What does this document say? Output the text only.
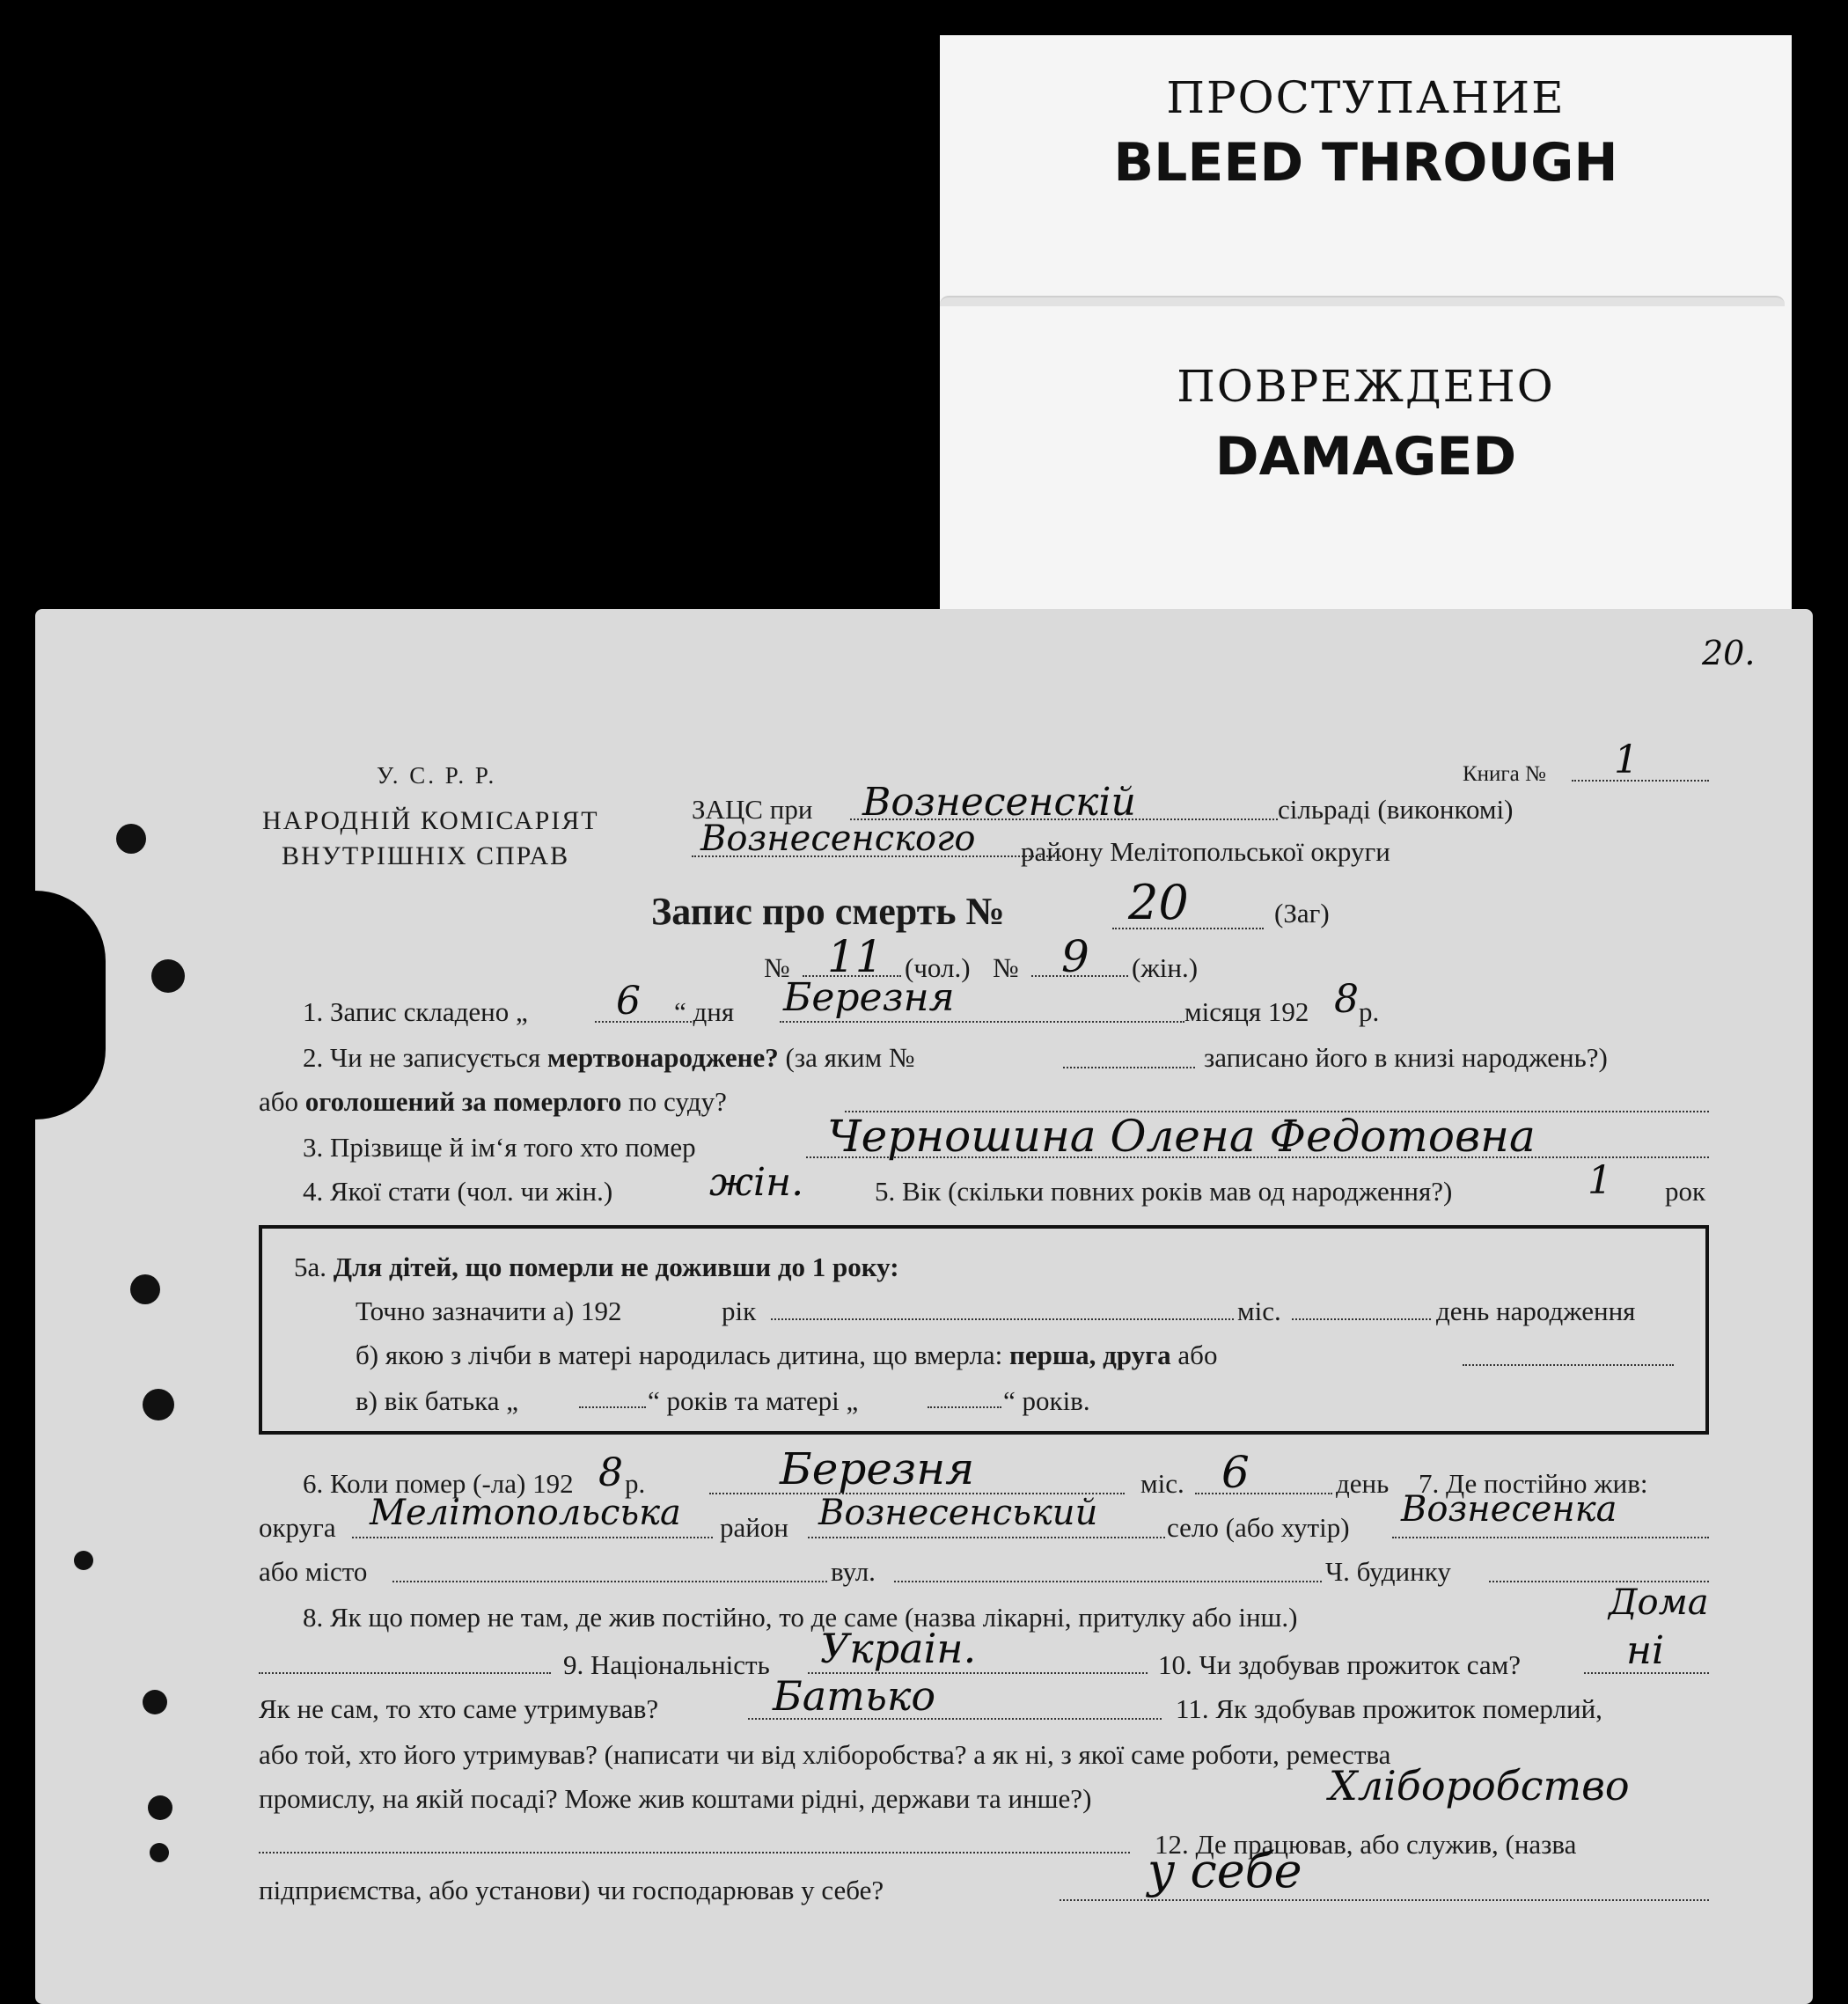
ПРОСТУПАНИЕ
BLEED THROUGH
ПОВРЕЖДЕНО
DAMAGED
20.
У. С. Р. Р.
НАРОДНІЙ КОМІСАРІЯТ
ВНУТРІШНІХ СПРАВ
Книга № 1
ЗАЦС при Вознесенскій	сільраді (виконкомі)
Вознесенского району Мелітопольської округи
Запис про смерть №	20	(Заг)
№ 11 (чол.) № 9 (жін.)
1. Запис складено „ 6 “ дня Березня	місяця 192 8 р.
2. Чи не записується мертвонароджене? (за яким №	записано його в книзі народжень?)
або оголошений за померлого по суду?
3. Прізвище й ім‘я того хто помер	Черношина Олена Федотовна
4. Якої стати (чол. чи жін.) жін.	5. Вік (скільки повних років мав од народження?)	1 рок
5а. Для дітей, що померли не доживши до 1 року:
Точно зазначити а) 192	рік	міс.	день народження
б) якою з лічби в матері народилась дитина, що вмерла: перша, друга або
в) вік батька „	“ років та матері „	“ років.
6. Коли помер (-ла) 192 8 р.	Березня	міс. 6	день 7. Де постійно жив:
округа Мелітопольська район Вознесенський	село (або хутір) Вознесенка
або місто	вул.	Ч. будинку
8. Як що помер не там, де жив постійно, то де саме (назва лікарні, притулку або інш.)	Дома
9. Національність Украін.	10. Чи здобував прожиток сам?	ні
Як не сам, то хто саме утримував?	Батько	11. Як здобував прожиток померлий,
або той, хто його утримував? (написати чи від хліборобства? а як ні, з якої саме роботи, ремества
промислу, на якій посаді? Може жив коштами рідні, держави та инше?)	Хлiборобство
12. Де працював, або служив, (назва
підприємства, або установи) чи господарював у себе?	у себе
